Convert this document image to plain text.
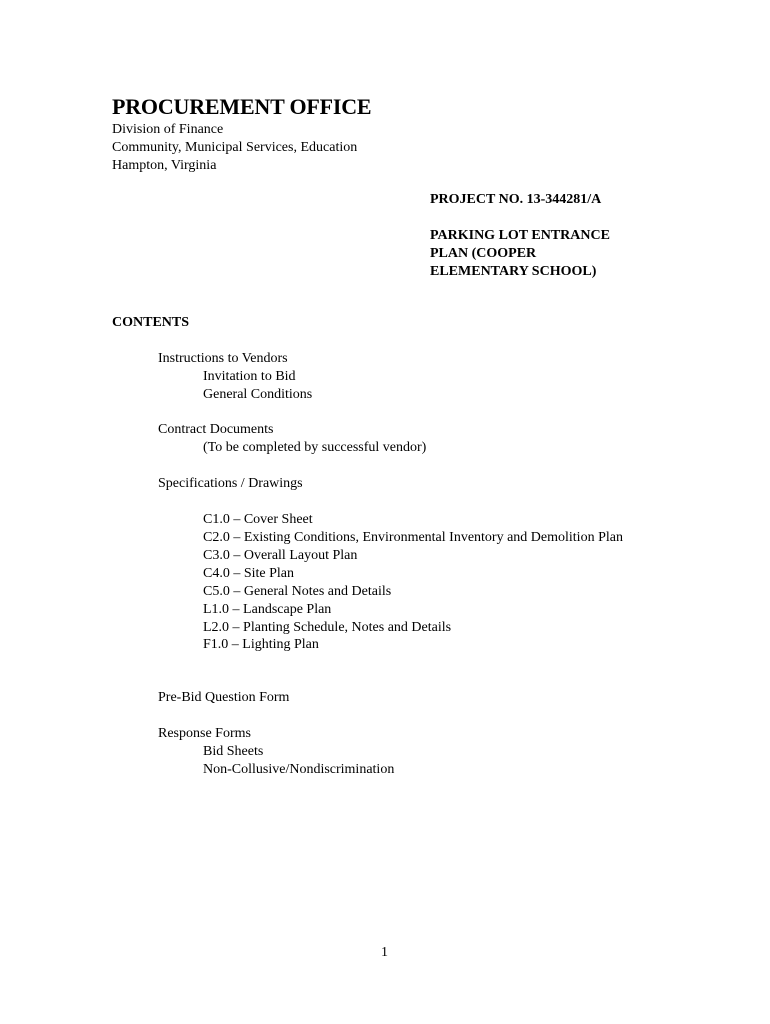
PROCUREMENT OFFICE
Division of Finance
Community, Municipal Services, Education
Hampton, Virginia
PROJECT NO. 13-344281/A
PARKING LOT ENTRANCE
PLAN (COOPER
ELEMENTARY SCHOOL)
CONTENTS
Instructions to Vendors
Invitation to Bid
General Conditions
Contract Documents
(To be completed by successful vendor)
Specifications / Drawings
C1.0 – Cover Sheet
C2.0 – Existing Conditions, Environmental Inventory and Demolition Plan
C3.0 – Overall Layout Plan
C4.0 – Site Plan
C5.0 – General Notes and Details
L1.0 – Landscape Plan
L2.0 – Planting Schedule, Notes and Details
F1.0 – Lighting Plan
Pre-Bid Question Form
Response Forms
Bid Sheets
Non-Collusive/Nondiscrimination
1
